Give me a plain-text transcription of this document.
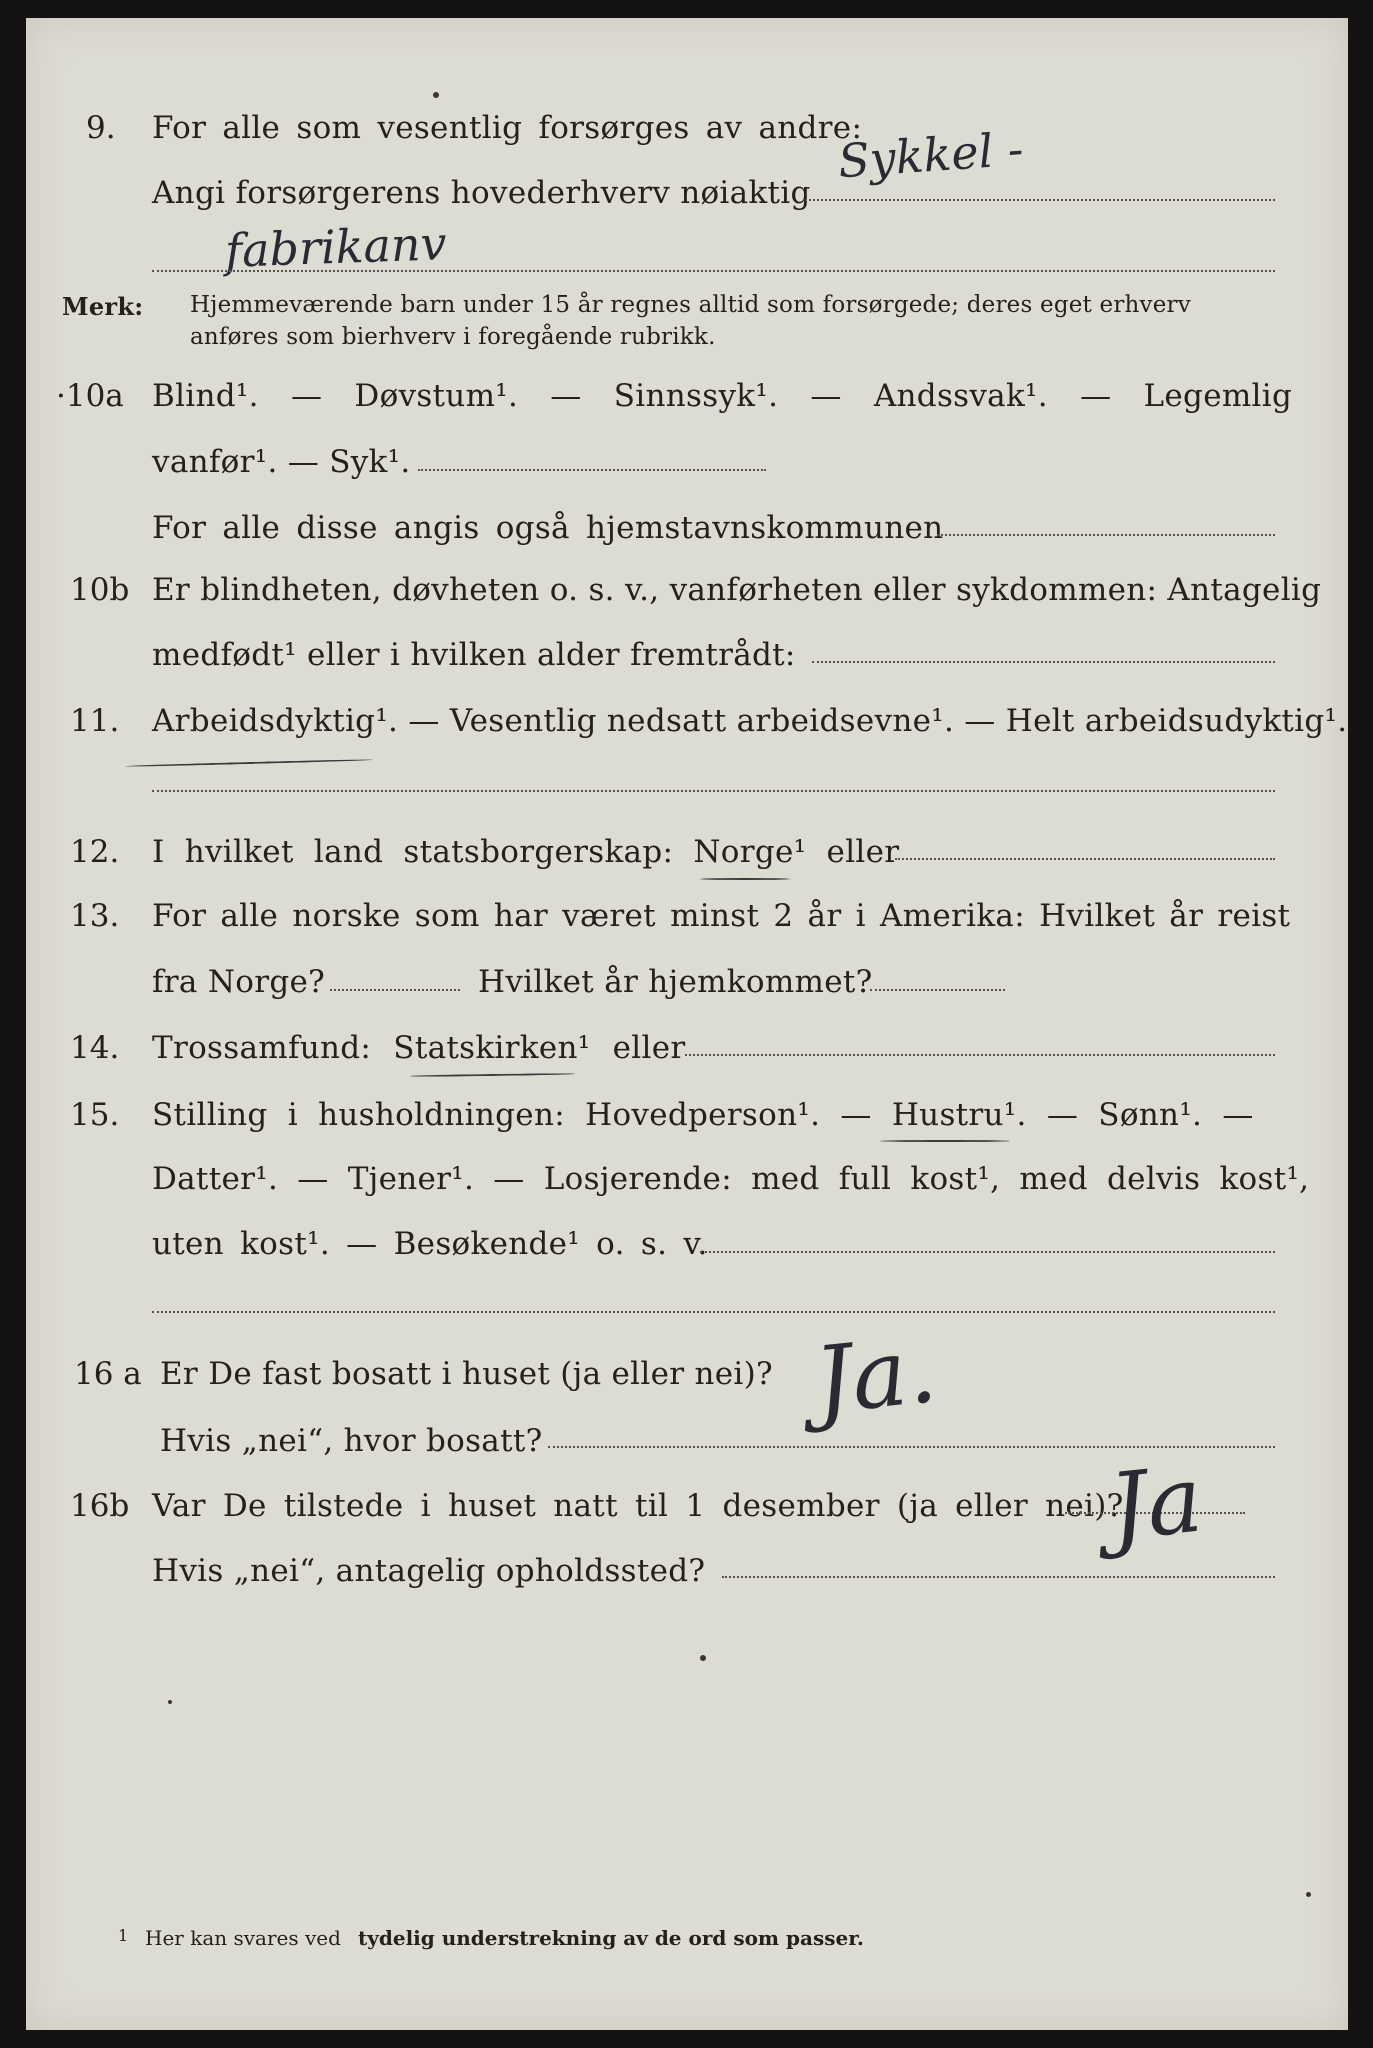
9. For alle som vesentlig forsørges av andre:
Sykkel -
Angi forsørgerens hovederhverv nøiaktig
fabrikanv
Merk: Hjemmeværende barn under 15 år regnes alltid som forsørgede; deres eget erhverv
anføres som bierhverv i foregående rubrikk.
·10a Blind¹. — Døvstum¹. — Sinnssyk¹. — Andssvak¹. — Legemlig
vanfør¹. — Syk¹.
For alle disse angis også hjemstavnskommunen
10b Er blindheten, døvheten o. s. v., vanførheten eller sykdommen: Antagelig
medfødt¹ eller i hvilken alder fremtrådt:
11. Arbeidsdyktig¹. — Vesentlig nedsatt arbeidsevne¹. — Helt arbeidsudyktig¹.
12. I hvilket land statsborgerskap: Norge¹ eller
13. For alle norske som har været minst 2 år i Amerika: Hvilket år reist
fra Norge?	Hvilket år hjemkommet?
14. Trossamfund: Statskirken¹ eller
15. Stilling i husholdningen: Hovedperson¹. — Hustru¹. — Sønn¹. —
Datter¹. — Tjener¹. — Losjerende: med full kost¹, med delvis kost¹,
uten kost¹. — Besøkende¹ o. s. v.
16 a Er De fast bosatt i huset (ja eller nei)? Ja.
Hvis „nei“, hvor bosatt?
16b Var De tilstede i huset natt til 1 desember (ja eller nei)?
Ja
Hvis „nei“, antagelig opholdssted?
1 Her kan svares ved tydelig understrekning av de ord som passer.
